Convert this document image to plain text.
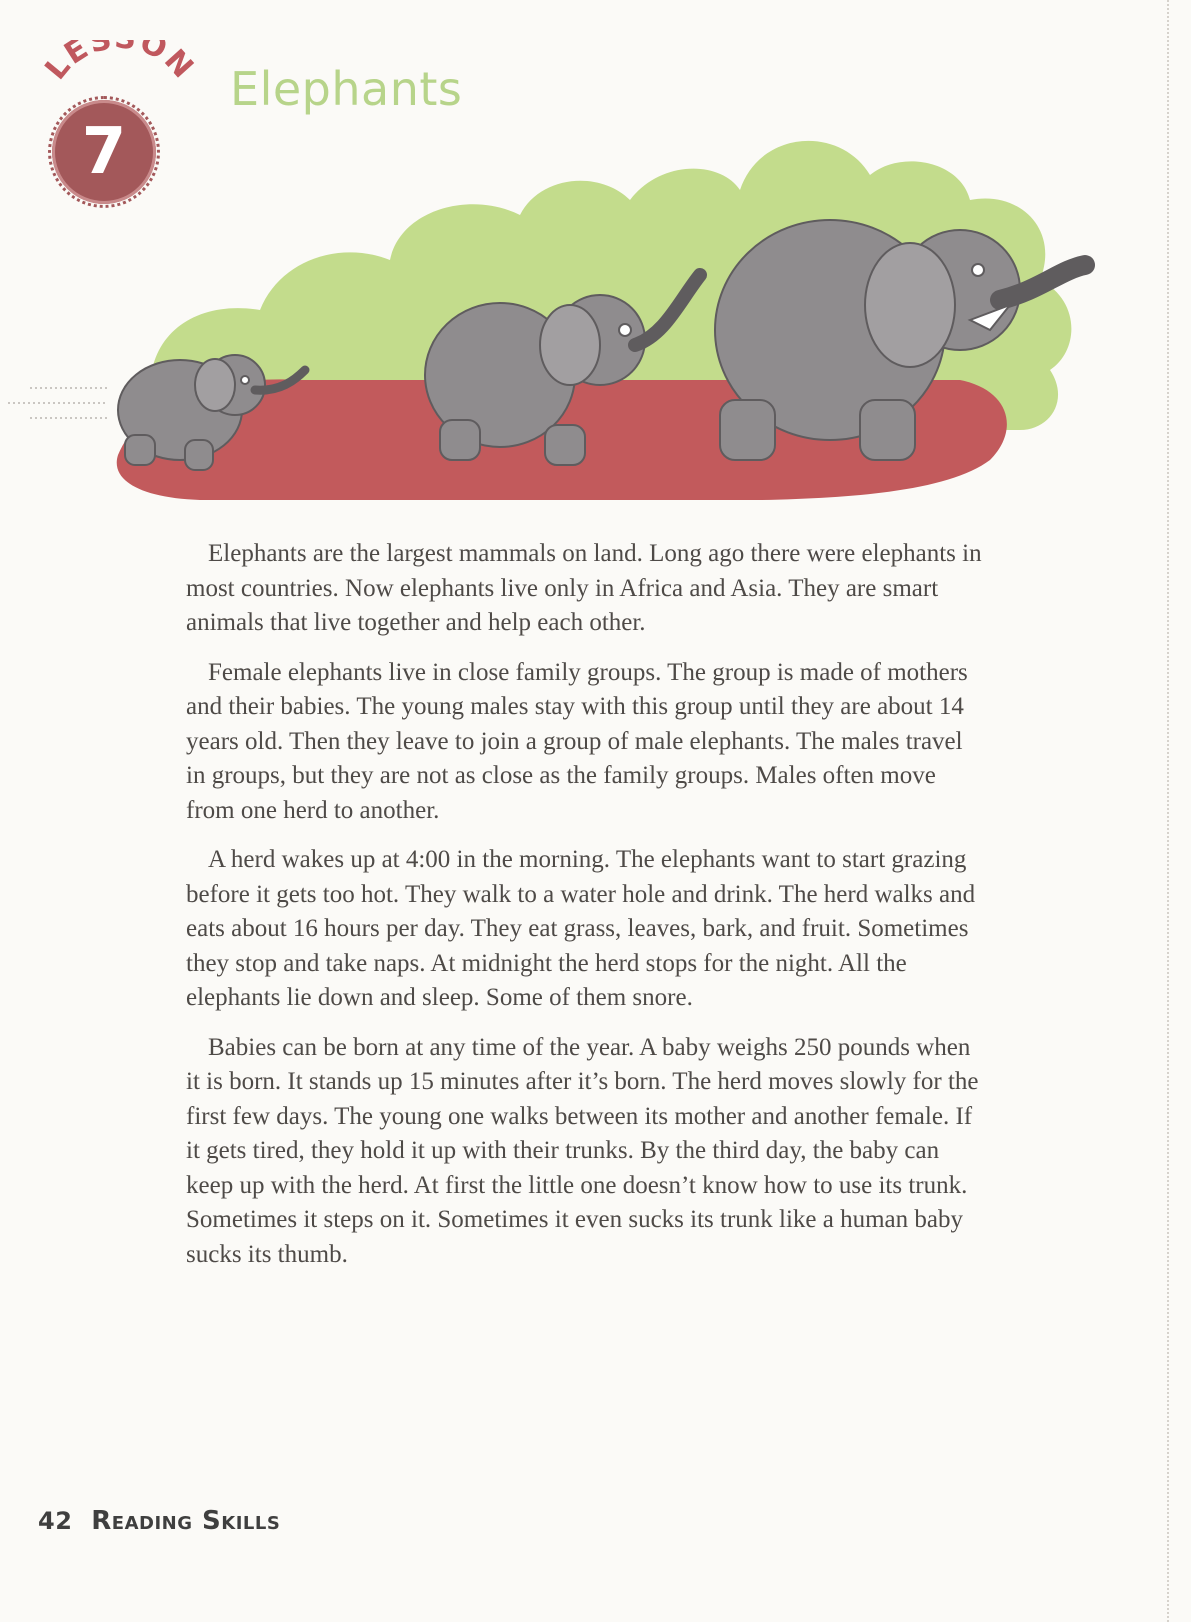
LES ON
7
Elephants

Elephants are the largest mammals on land. Long ago there were elephants in most countries. Now elephants live only in Africa and Asia. They are smart animals that live together and help each other.

Female elephants live in close family groups. The group is made of mothers and their babies. The young males stay with this group until they are about 14 years old. Then they leave to join a group of male elephants. The males travel in groups, but they are not as close as the family groups. Males often move from one herd to another.

A herd wakes up at 4:00 in the morning. The elephants want to start grazing before it gets too hot. They walk to a water hole and drink. The herd walks and eats about 16 hours per day. They eat grass, leaves, bark, and fruit. Sometimes they stop and take naps. At midnight the herd stops for the night. All the elephants lie down and sleep. Some of them snore.

Babies can be born at any time of the year. A baby weighs 250 pounds when it is born. It stands up 15 minutes after it’s born. The herd moves slowly for the first few days. The young one walks between its mother and another female. If it gets tired, they hold it up with their trunks. By the third day, the baby can keep up with the herd. At first the little one doesn’t know how to use its trunk. Sometimes it steps on it. Sometimes it even sucks its trunk like a human baby sucks its thumb.

42 Reading Skills
